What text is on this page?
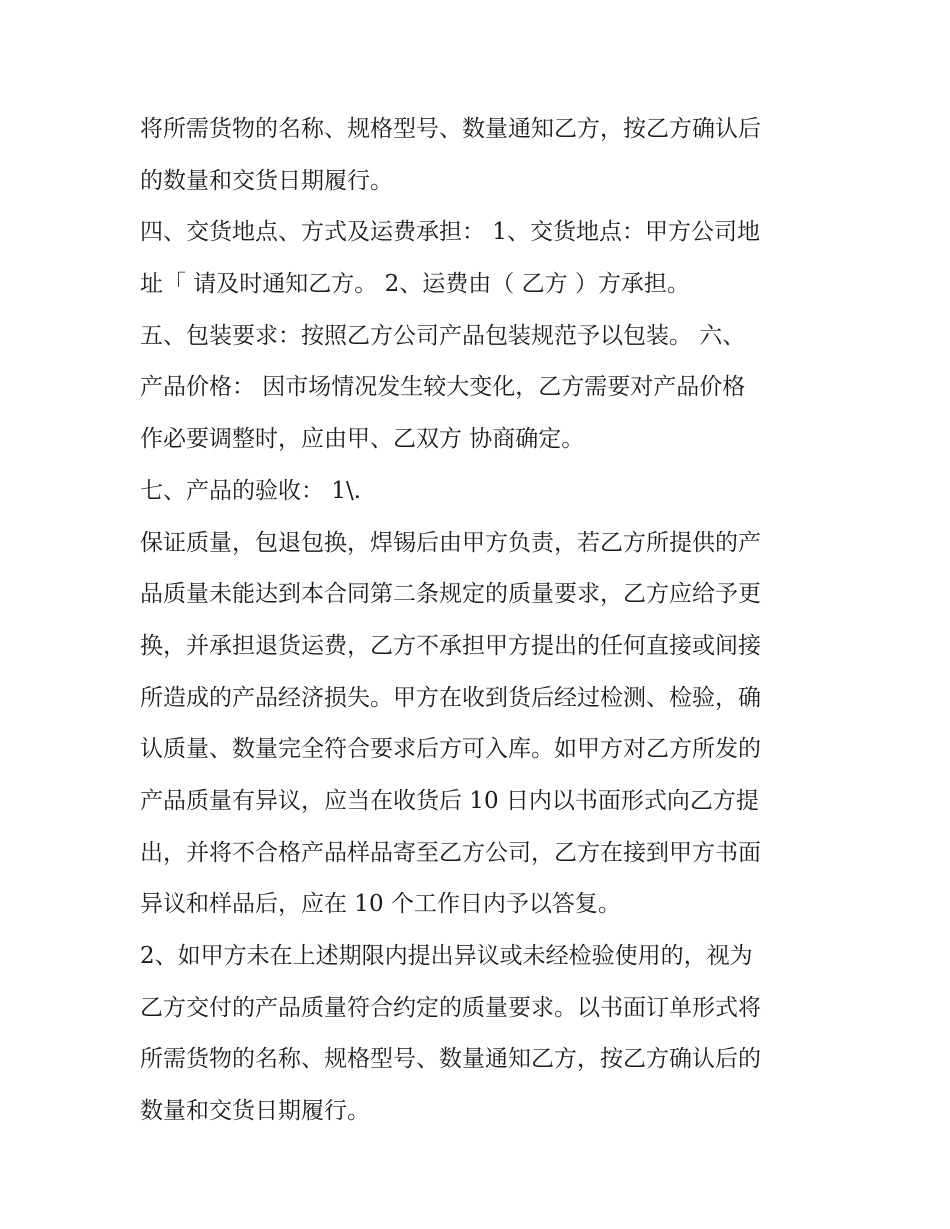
将所需货物的名称、规格型号、数量通知乙方，按乙方确认后
的数量和交货日期履行。
四、交货地点、方式及运费承担： 1、交货地点：甲方公司地
址「 请及时通知乙方。 2、运费由（ 乙方 ）方承担。
五、包装要求：按照乙方公司产品包装规范予以包装。 六、
产品价格： 因市场情况发生较大变化，乙方需要对产品价格
作必要调整时，应由甲、乙双方 协商确定。
七、产品的验收： 1\.
保证质量，包退包换，焊锡后由甲方负责，若乙方所提供的产
品质量未能达到本合同第二条规定的质量要求，乙方应给予更
换，并承担退货运费，乙方不承担甲方提出的任何直接或间接
所造成的产品经济损失。甲方在收到货后经过检测、检验，确
认质量、数量完全符合要求后方可入库。如甲方对乙方所发的
产品质量有异议，应当在收货后 10 日内以书面形式向乙方提
出，并将不合格产品样品寄至乙方公司，乙方在接到甲方书面
异议和样品后，应在 10 个工作日内予以答复。
2、如甲方未在上述期限内提出异议或未经检验使用的，视为
乙方交付的产品质量符合约定的质量要求。以书面订单形式将
所需货物的名称、规格型号、数量通知乙方，按乙方确认后的
数量和交货日期履行。
